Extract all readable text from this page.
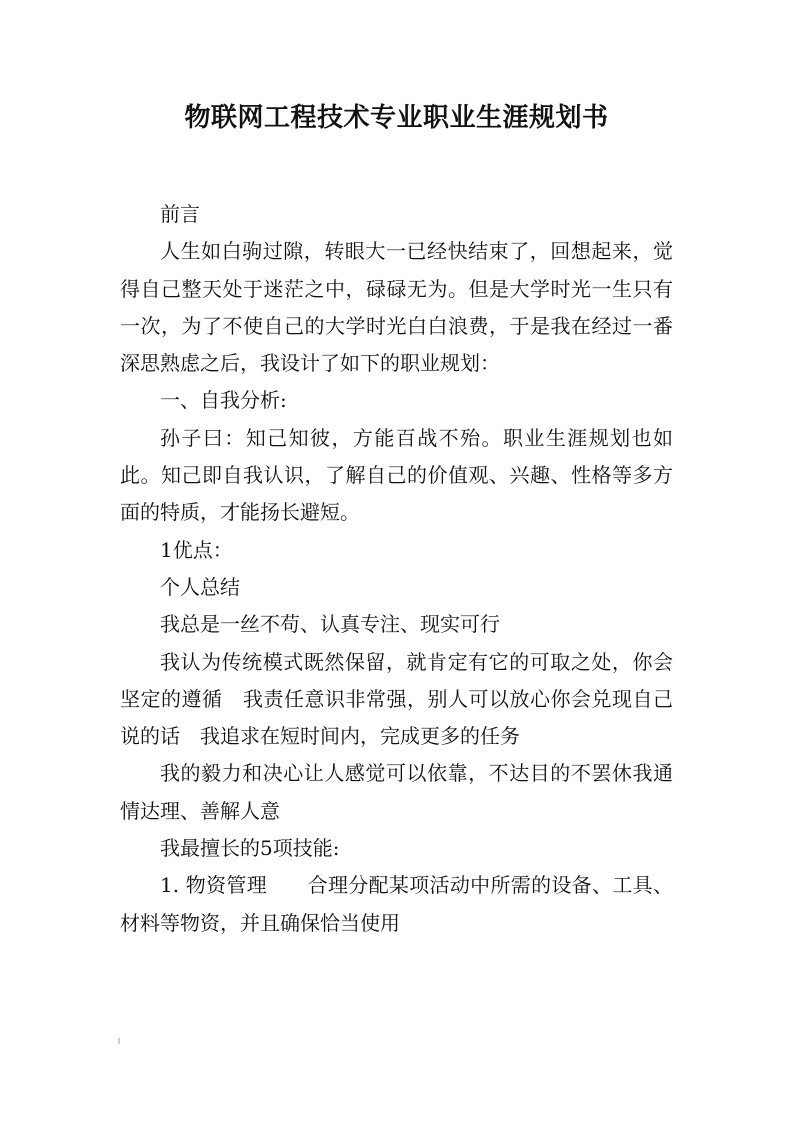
物联网工程技术专业职业生涯规划书

前言

人生如白驹过隙，转眼大一已经快结束了，回想起来，觉得自己整天处于迷茫之中，碌碌无为。但是大学时光一生只有一次，为了不使自己的大学时光白白浪费，于是我在经过一番深思熟虑之后，我设计了如下的职业规划：

一、自我分析:

孙子曰：知己知彼，方能百战不殆。职业生涯规划也如此。知己即自我认识，了解自己的价值观、兴趣、性格等多方面的特质，才能扬长避短。

1优点：

个人总结

我总是一丝不苟、认真专注、现实可行

我认为传统模式既然保留，就肯定有它的可取之处，你会坚定的遵循　我责任意识非常强，别人可以放心你会兑现自己说的话　我追求在短时间内，完成更多的任务

我的毅力和决心让人感觉可以依靠，不达目的不罢休我通情达理、善解人意

我最擅长的5项技能:

1. 物资管理　　合理分配某项活动中所需的设备、工具、材料等物资，并且确保恰当使用
